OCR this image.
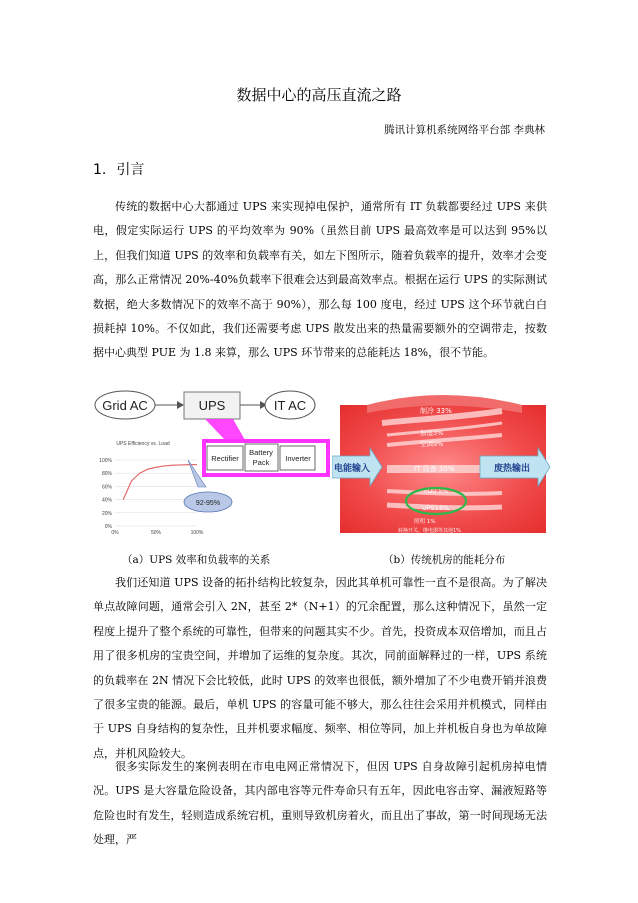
数据中心的高压直流之路
腾讯计算机系统网络平台部 李典林
1. 引言

传统的数据中心大都通过 UPS 来实现掉电保护，通常所有 IT 负载都要经过 UPS 来供电，假定实际运行 UPS 的平均效率为 90%（虽然目前 UPS 最高效率是可以达到 95%以上，但我们知道 UPS 的效率和负载率有关，如左下图所示，随着负载率的提升，效率才会变高，那么正常情况 20%-40%负载率下很难会达到最高效率点。根据在运行 UPS 的实际测试数据，绝大多数情况下的效率不高于 90%），那么每 100 度电，经过 UPS 这个环节就白白损耗掉 10%。不仅如此，我们还需要考虑 UPS 散发出来的热量需要额外的空调带走，按数据中心典型 PUE 为 1.8 来算，那么 UPS 环节带来的总能耗达 18%，很不节能。

Grid AC	UPS	IT AC
Rectifier
Battery
Pack Inverter
UPS Efficiency vs. Load
0%
20%
40%
60%
80%
100%
0%	50%	100%
92-95%
制冷 33%
加湿3%
空调9%
IT 设备 30%
PDU 5%
UPS18%
照明 1%
转换开关、继电器等其他1%
电能输入	废热输出
（a）UPS 效率和负载率的关系	（b）传统机房的能耗分布

我们还知道 UPS 设备的拓扑结构比较复杂，因此其单机可靠性一直不是很高。为了解决单点故障问题，通常会引入 2N，甚至 2*（N+1）的冗余配置，那么这种情况下，虽然一定程度上提升了整个系统的可靠性，但带来的问题其实不少。首先，投资成本双倍增加，而且占用了很多机房的宝贵空间，并增加了运维的复杂度。其次，同前面解释过的一样，UPS 系统的负载率在 2N 情况下会比较低，此时 UPS 的效率也很低，额外增加了不少电费开销并浪费了很多宝贵的能源。最后，单机 UPS 的容量可能不够大，那么往往会采用并机模式，同样由于 UPS 自身结构的复杂性，且并机要求幅度、频率、相位等同，加上并机板自身也为单故障点，并机风险较大。

很多实际发生的案例表明在市电电网正常情况下，但因 UPS 自身故障引起机房掉电情况。UPS 是大容量危险设备，其内部电容等元件寿命只有五年，因此电容击穿、漏液短路等危险也时有发生，轻则造成系统宕机，重则导致机房着火，而且出了事故，第一时间现场无法处理，严
